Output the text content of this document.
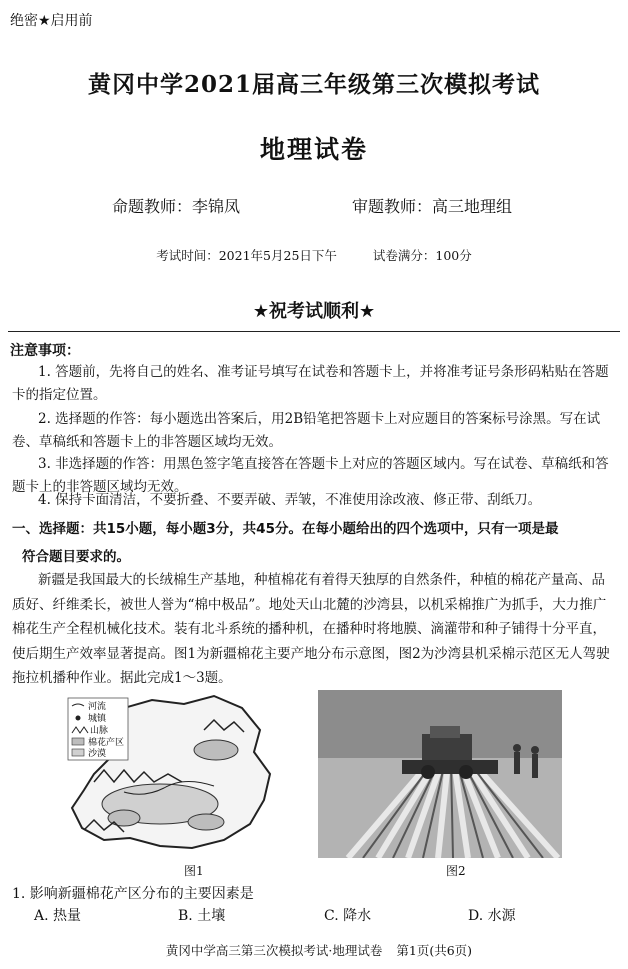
绝密★启用前
黄冈中学2021届高三年级第三次模拟考试
地理试卷
命题教师：李锦凤	审题教师：高三地理组
考试时间：2021年5月25日下午	试卷满分：100分
★祝考试顺利★
注意事项：
1. 答题前，先将自己的姓名、准考证号填写在试卷和答题卡上，并将准考证号条形码粘贴在答题卡的指定位置。
2. 选择题的作答：每小题选出答案后，用2B铅笔把答题卡上对应题目的答案标号涂黑。写在试卷、草稿纸和答题卡上的非答题区域均无效。
3. 非选择题的作答：用黑色签字笔直接答在答题卡上对应的答题区域内。写在试卷、草稿纸和答题卡上的非答题区域均无效。
4. 保持卡面清洁，不要折叠、不要弄破、弄皱，不准使用涂改液、修正带、刮纸刀。
一、选择题：共15小题，每小题3分，共45分。在每小题给出的四个选项中，只有一项是最
符合题目要求的。
新疆是我国最大的长绒棉生产基地，种植棉花有着得天独厚的自然条件，种植的棉花产量高、品质好、纤维柔长，被世人誉为“棉中极品”。地处天山北麓的沙湾县，以机采棉推广为抓手，大力推广棉花生产全程机械化技术。装有北斗系统的播种机，在播种时将地膜、滴灌带和种子铺得十分平直，使后期生产效率显著提高。图1为新疆棉花主要产地分布示意图，图2为沙湾县机采棉示范区无人驾驶拖拉机播种作业。据此完成1～3题。
河流
城镇
山脉
棉花产区
沙漠
图1	图2
1. 影响新疆棉花产区分布的主要因素是
A. 热量	B. 土壤	C. 降水	D. 水源
黄冈中学高三第三次模拟考试·地理试卷 第1页(共6页)
